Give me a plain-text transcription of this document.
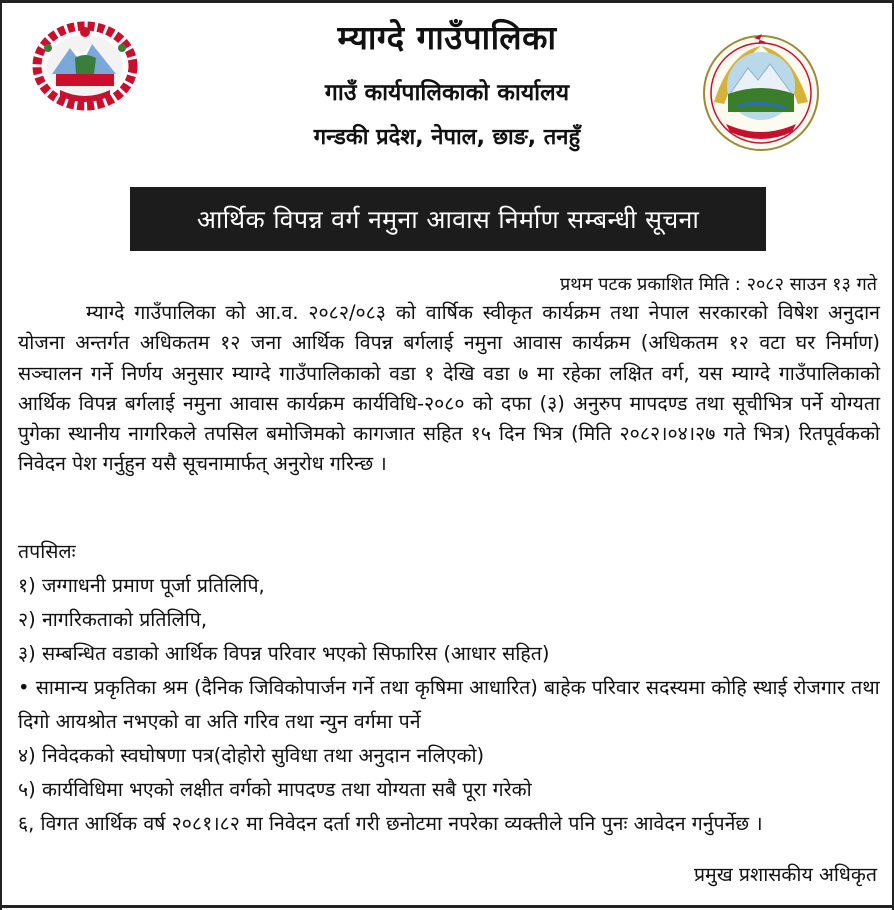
म्याग्दे गाउँपालिका
गाउँ कार्यपालिकाको कार्यालय
गन्डकी प्रदेश, नेपाल, छाङ, तनहुँ
आर्थिक विपन्न वर्ग नमुना आवास निर्माण सम्बन्धी सूचना
प्रथम पटक प्रकाशित मिति : २०८२ साउन १३ गते

म्याग्दे गाउँपालिका को आ.व. २०८२/०८३ को वार्षिक स्वीकृत कार्यक्रम तथा नेपाल सरकारको विषेश अनुदान योजना अन्तर्गत अधिकतम १२ जना आर्थिक विपन्न बर्गलाई नमुना आवास कार्यक्रम (अधिकतम १२ वटा घर निर्माण) सञ्चालन गर्ने निर्णय अनुसार म्याग्दे गाउँपालिकाको वडा १ देखि वडा ७ मा रहेका लक्षित वर्ग, यस म्याग्दे गाउँपालिकाको आर्थिक विपन्न बर्गलाई नमुना आवास कार्यक्रम कार्यविधि-२०८० को दफा (३) अनुरुप मापदण्ड तथा सूचीभित्र पर्ने योग्यता पुगेका स्थानीय नागरिकले तपसिल बमोजिमको कागजात सहित १५ दिन भित्र (मिति २०८२।०४।२७ गते भित्र) रितपूर्वकको निवेदन पेश गर्नुहुन यसै सूचनामार्फत् अनुरोध गरिन्छ ।

तपसिलः
१) जग्गाधनी प्रमाण पूर्जा प्रतिलिपि,
२) नागरिकताको प्रतिलिपि,
३) सम्बन्धित वडाको आर्थिक विपन्न परिवार भएको सिफारिस (आधार सहित)
• सामान्य प्रकृतिका श्रम (दैनिक जिविकोपार्जन गर्ने तथा कृषिमा आधारित) बाहेक परिवार सदस्यमा कोहि स्थाई रोजगार तथा दिगो आयश्रोत नभएको वा अति गरिव तथा न्युन वर्गमा पर्ने
४) निवेदकको स्वघोषणा पत्र(दोहोरो सुविधा तथा अनुदान नलिएको)
५) कार्यविधिमा भएको लक्षीत वर्गको मापदण्ड तथा योग्यता सबै पूरा गरेको
६, विगत आर्थिक वर्ष २०८१।८२ मा निवेदन दर्ता गरी छनोटमा नपरेका व्यक्तीले पनि पुनः आवेदन गर्नुपर्नेछ ।
प्रमुख प्रशासकीय अधिकृत
